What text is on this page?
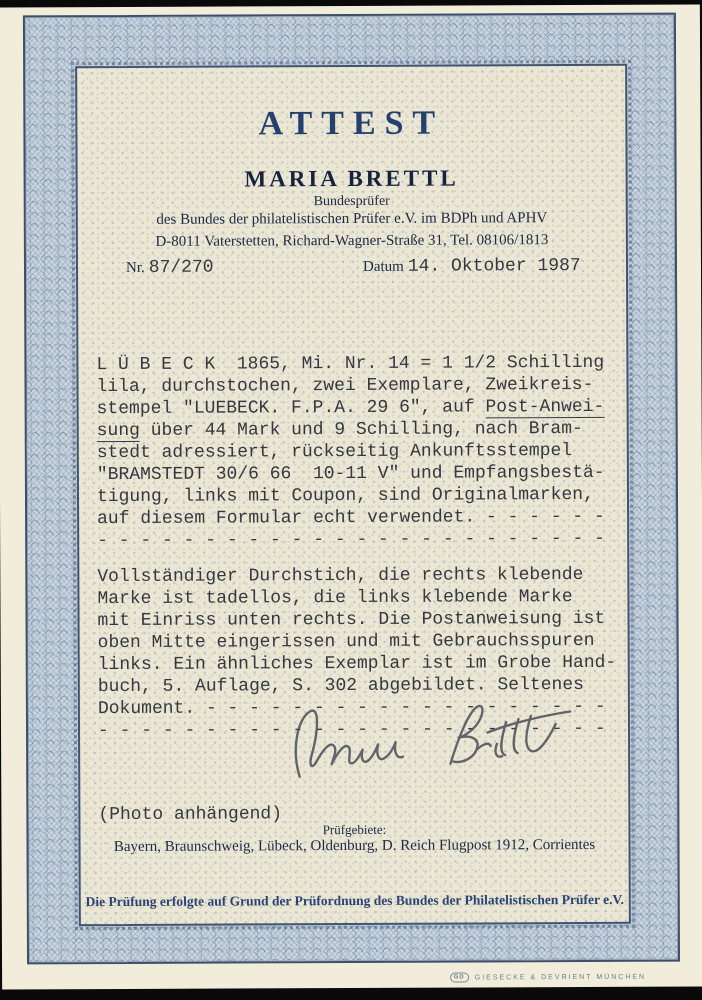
ATTEST
MARIA BRETTL
Bundesprüfer
des Bundes der philatelistischen Prüfer e.V. im BDPh und APHV
D-8011 Vaterstetten, Richard-Wagner-Straße 31, Tel. 08106/1813
Nr. 87/270	Datum 14. Oktober 1987
L Ü B E C K  1865, Mi. Nr. 14 = 1 1/2 Schilling
lila, durchstochen, zwei Exemplare, Zweikreis-
stempel "LUEBECK. F.P.A. 29 6", auf Post-Anwei-
sung über 44 Mark und 9 Schilling, nach Bram-
stedt adressiert, rückseitig Ankunftsstempel
"BRAMSTEDT 30/6 66  10-11 V" und Empfangsbestä-
tigung, links mit Coupon, sind Originalmarken,
auf diesem Formular echt verwendet. - - - - - -
- - - - - - - - - - - - - - - - - - - - - - - -
Vollständiger Durchstich, die rechts klebende
Marke ist tadellos, die links klebende Marke
mit Einriss unten rechts. Die Postanweisung ist
oben Mitte eingerissen und mit Gebrauchsspuren
links. Ein ähnliches Exemplar ist im Grobe Hand-
buch, 5. Auflage, S. 302 abgebildet. Seltenes
Dokument. - - - - - - - - - - - - - - - - - - -
- - - - - - - - - - - - - - - - - - - - - - - -
(Photo anhängend)
Prüfgebiete:
Bayern, Braunschweig, Lübeck, Oldenburg, D. Reich Flugpost 1912, Corrientes
Die Prüfung erfolgte auf Grund der Prüfordnung des Bundes der Philatelistischen Prüfer e.V.
GD	GIESECKE & DEVRIENT MÜNCHEN
